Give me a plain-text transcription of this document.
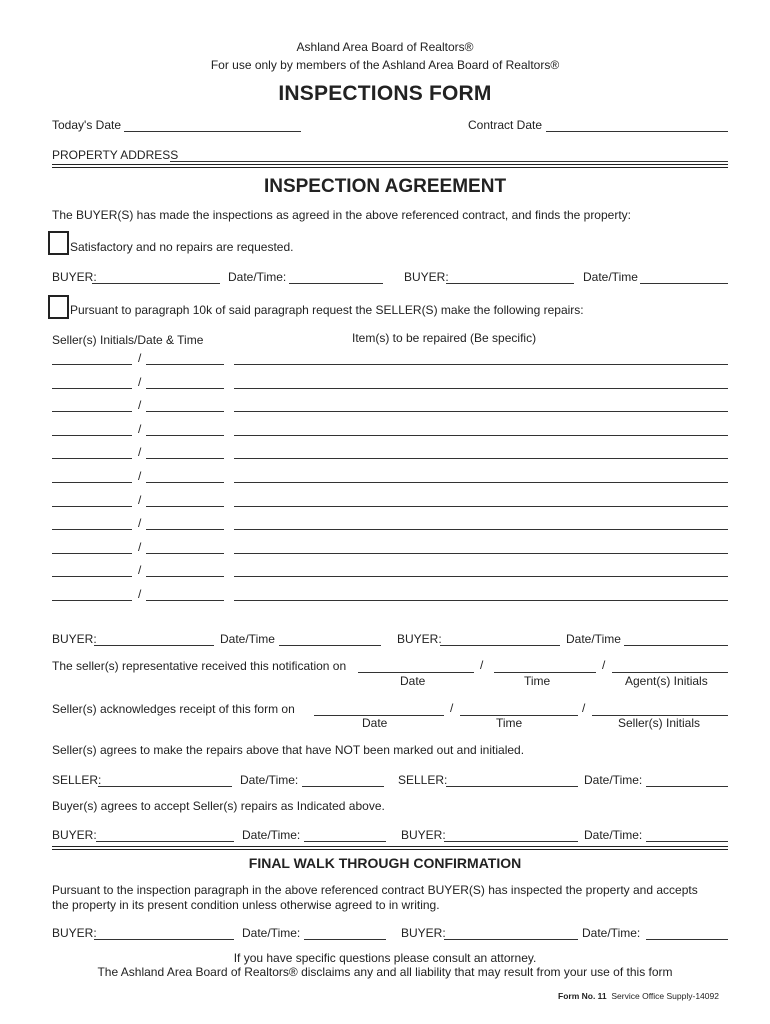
Ashland Area Board of Realtors®
For use only by members of the Ashland Area Board of Realtors®
INSPECTIONS FORM
Today's Date	Contract Date
PROPERTY ADDRESS
INSPECTION AGREEMENT
The BUYER(S) has made the inspections as agreed in the above referenced contract, and finds the property:
Satisfactory and no repairs are requested.
BUYER:	Date/Time:	BUYER:	Date/Time
Pursuant to paragraph 10k of said paragraph request the SELLER(S) make the following repairs:
Seller(s) Initials/Date & Time	Item(s) to be repaired (Be specific)
/
/
/
/
/
/
/
/
/
/
/
BUYER:	Date/Time	BUYER:	Date/Time
The seller(s) representative received this notification on	/	/
Date	Time	Agent(s) Initials
Seller(s) acknowledges receipt of this form on	/	/
Date	Time	Seller(s) Initials
Seller(s) agrees to make the repairs above that have NOT been marked out and initialed.
SELLER:	Date/Time:	SELLER:	Date/Time:
Buyer(s) agrees to accept Seller(s) repairs as Indicated above.
BUYER:	Date/Time:	BUYER:	Date/Time:
FINAL WALK THROUGH CONFIRMATION
Pursuant to the inspection paragraph in the above referenced contract BUYER(S) has inspected the property and accepts
the property in its present condition unless otherwise agreed to in writing.
BUYER:	Date/Time:	BUYER:	Date/Time:
If you have specific questions please consult an attorney.
The Ashland Area Board of Realtors® disclaims any and all liability that may result from your use of this form
Form No. 11 Service Office Supply-14092
